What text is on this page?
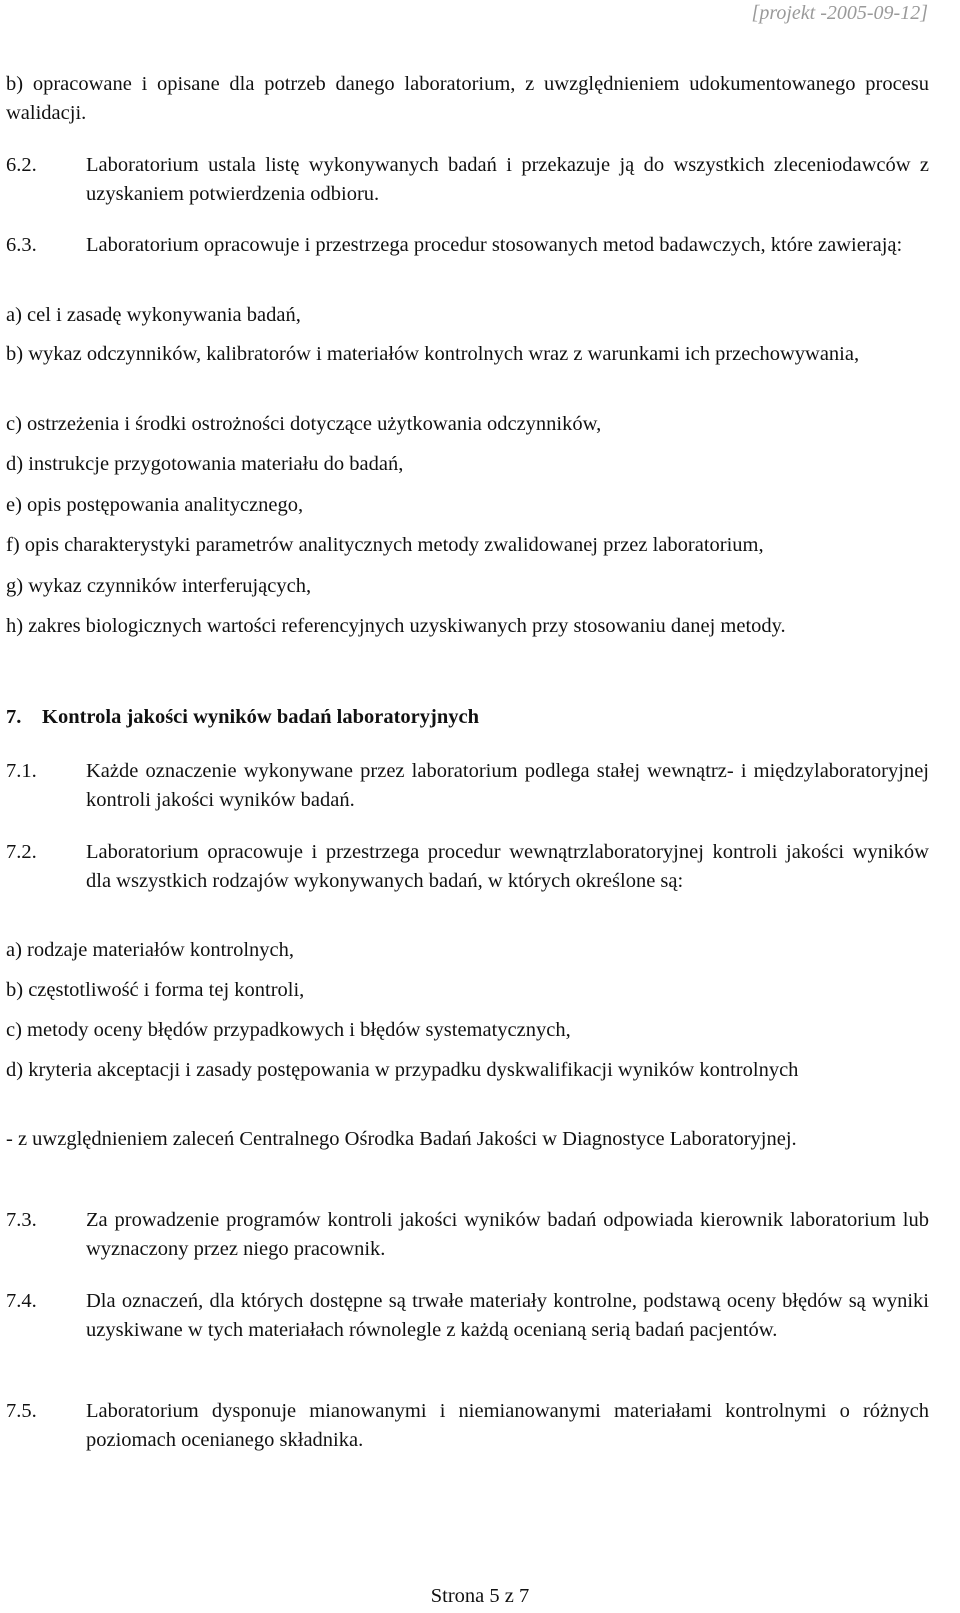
[projekt -2005-09-12]
b) opracowane i opisane dla potrzeb danego laboratorium, z uwzględnieniem udokumentowanego procesu walidacji.
6.2. Laboratorium ustala listę wykonywanych badań i przekazuje ją do wszystkich zleceniodawców z uzyskaniem potwierdzenia odbioru.
6.3. Laboratorium opracowuje i przestrzega procedur stosowanych metod badawczych, które zawierają:
a) cel i zasadę wykonywania badań,
b) wykaz odczynników, kalibratorów i materiałów kontrolnych wraz z warunkami ich przechowywania,
c) ostrzeżenia i środki ostrożności dotyczące użytkowania odczynników,
d) instrukcje przygotowania materiału do badań,
e) opis postępowania analitycznego,
f) opis charakterystyki parametrów analitycznych metody zwalidowanej przez laboratorium,
g) wykaz czynników interferujących,
h) zakres biologicznych wartości referencyjnych uzyskiwanych przy stosowaniu danej metody.
7. Kontrola jakości wyników badań laboratoryjnych
7.1. Każde oznaczenie wykonywane przez laboratorium podlega stałej wewnątrz- i międzylaboratoryjnej kontroli jakości wyników badań.
7.2. Laboratorium opracowuje i przestrzega procedur wewnątrzlaboratoryjnej kontroli jakości wyników dla wszystkich rodzajów wykonywanych badań, w których określone są:
a) rodzaje materiałów kontrolnych,
b) częstotliwość i forma tej kontroli,
c) metody oceny błędów przypadkowych i błędów systematycznych,
d) kryteria akceptacji i zasady postępowania w przypadku dyskwalifikacji wyników kontrolnych
- z uwzględnieniem zaleceń Centralnego Ośrodka Badań Jakości w Diagnostyce Laboratoryjnej.
7.3. Za prowadzenie programów kontroli jakości wyników badań odpowiada kierownik laboratorium lub wyznaczony przez niego pracownik.
7.4. Dla oznaczeń, dla których dostępne są trwałe materiały kontrolne, podstawą oceny błędów są wyniki uzyskiwane w tych materiałach równolegle z każdą ocenianą serią badań pacjentów.
7.5. Laboratorium dysponuje mianowanymi i niemianowanymi materiałami kontrolnymi o różnych poziomach ocenianego składnika.
Strona 5 z 7
